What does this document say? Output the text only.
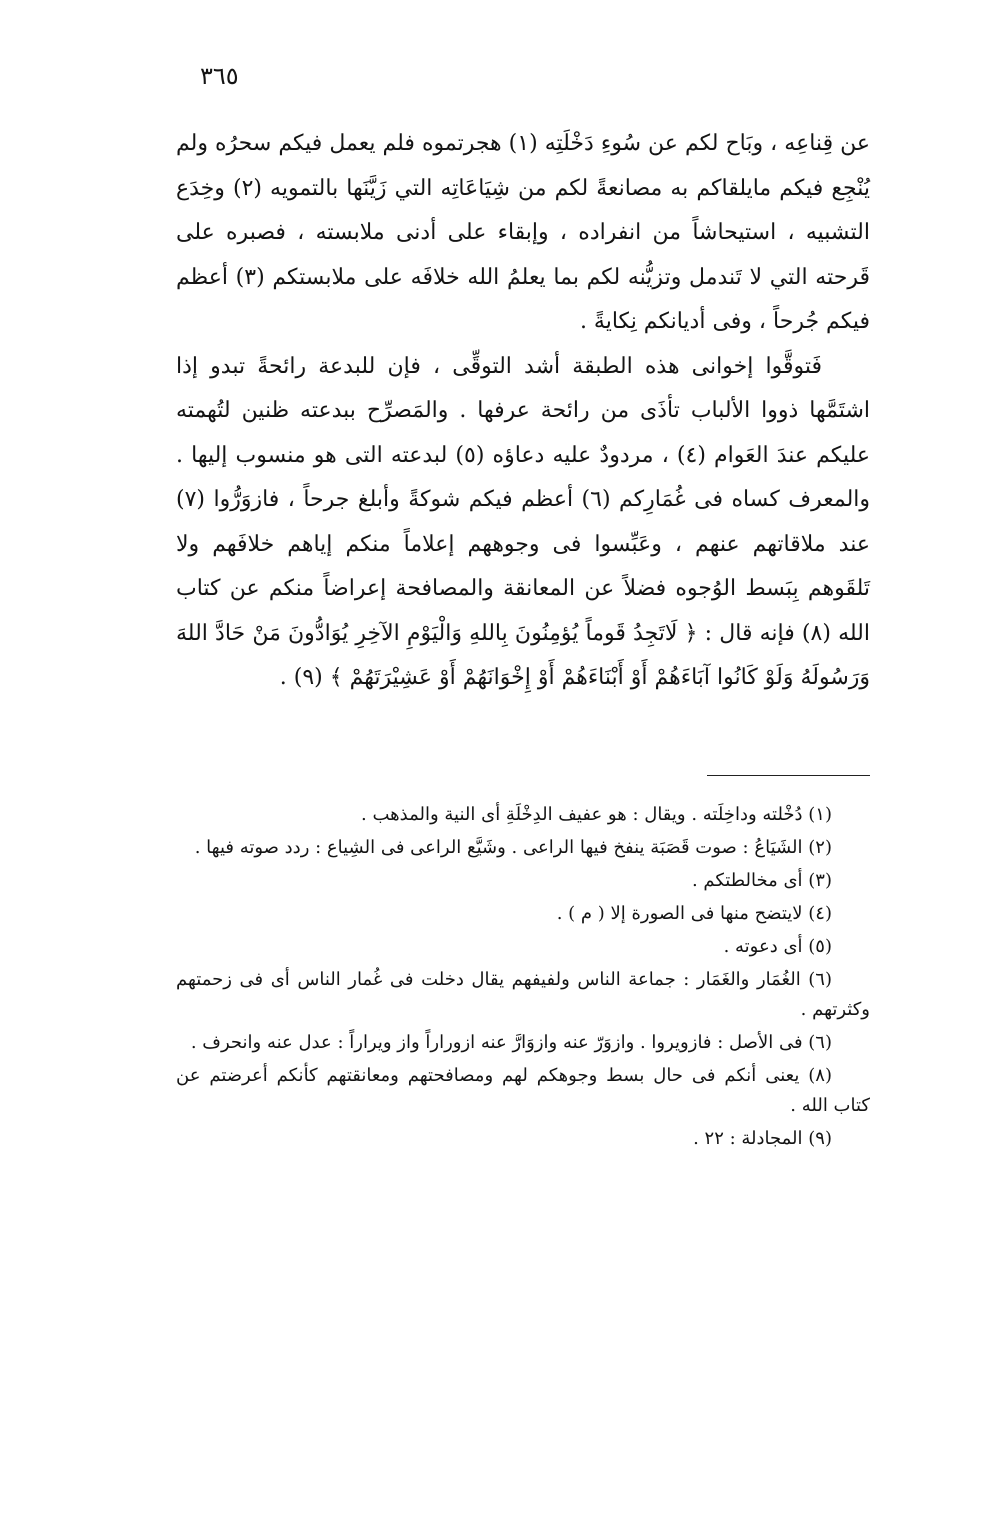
٣٦٥

عن قِناعِه ، وبَاح لكم عن سُوءِ دَخْلَتِه (١) هجرتموه فلم يعمل فيكم سحرُه ولم يُنْجِع فيكم مايلقاكم به مصانعةً لكم من شِيَاعَاتِه التي زَيَّنَها بالتمويه (٢) وخِدَع التشبيه ، استيحاشاً من انفراده ، وإبقاء على أدنى ملابسته ، فصبره على قَرحته التي لا تَندمل وتزيُّنه لكم بما يعلمُ الله خلافَه على ملابستكم (٣) أعظم فيكم جُرحاً ، وفى أديانكم نِكايةً .

فَتوقَّوا إخوانى هذه الطبقة أشد التوقِّى ، فإن للبدعة رائحةً تبدو إذا اشتَمَّها ذووا الألباب تأذَى من رائحة عرفها . والمَصرِّح ببدعته ظنين لتُهمته عليكم عندَ العَوام (٤) ، مردودٌ عليه دعاؤه (٥) لبدعته التى هو منسوب إليها . والمعرف كساه فى غُمَارِكم (٦) أعظم فيكم شوكةً وأبلغ جرحاً ، فازوَرُّوا (٧) عند ملاقاتهم عنهم ، وعَبِّسوا فى وجوههم إعلاماً منكم إياهم خلافَهم ولا تَلقَوهم بِبَسط الوُجوه فضلاً عن المعانقة والمصافحة إعراضاً منكم عن كتاب الله (٨) فإنه قال : ﴿ لَاتَجِدُ قَوماً يُؤمِنُونَ بِاللهِ وَالْيَوْمِ الآخِرِ يُوَادُّونَ مَنْ حَادَّ اللهَ وَرَسُولَهُ وَلَوْ كَانُوا آبَاءَهُمْ أَوْ أَبْنَاءَهُمْ أَوْ إِخْوَانَهُمْ أَوْ عَشِيْرَتَهُمْ ﴾ (٩) .

(١) دُخْلته وداخِلَته . ويقال : هو عفيف الدِخْلَةِ أى النية والمذهب .
(٢) الشَيَاعُ : صوت قَصَبَة ينفخ فيها الراعى . وشَيَّع الراعى فى الشِياع : ردد صوته فيها .
(٣) أى مخالطتكم .
(٤) لايتضح منها فى الصورة إلا ( م ) .
(٥) أى دعوته .
(٦) الغُمَار والغَمَار : جماعة الناس ولفيفهم يقال دخلت فى غُمار الناس أى فى زحمتهم وكثرتهم .
(٦) فى الأصل : فازويروا . وازوَرّ عنه وازوَارَّ عنه ازوراراً واز ويراراً : عدل عنه وانحرف .
(٨) يعنى أنكم فى حال بسط وجوهكم لهم ومصافحتهم ومعانقتهم كأنكم أعرضتم عن كتاب الله .
(٩) المجادلة : ٢٢ .
